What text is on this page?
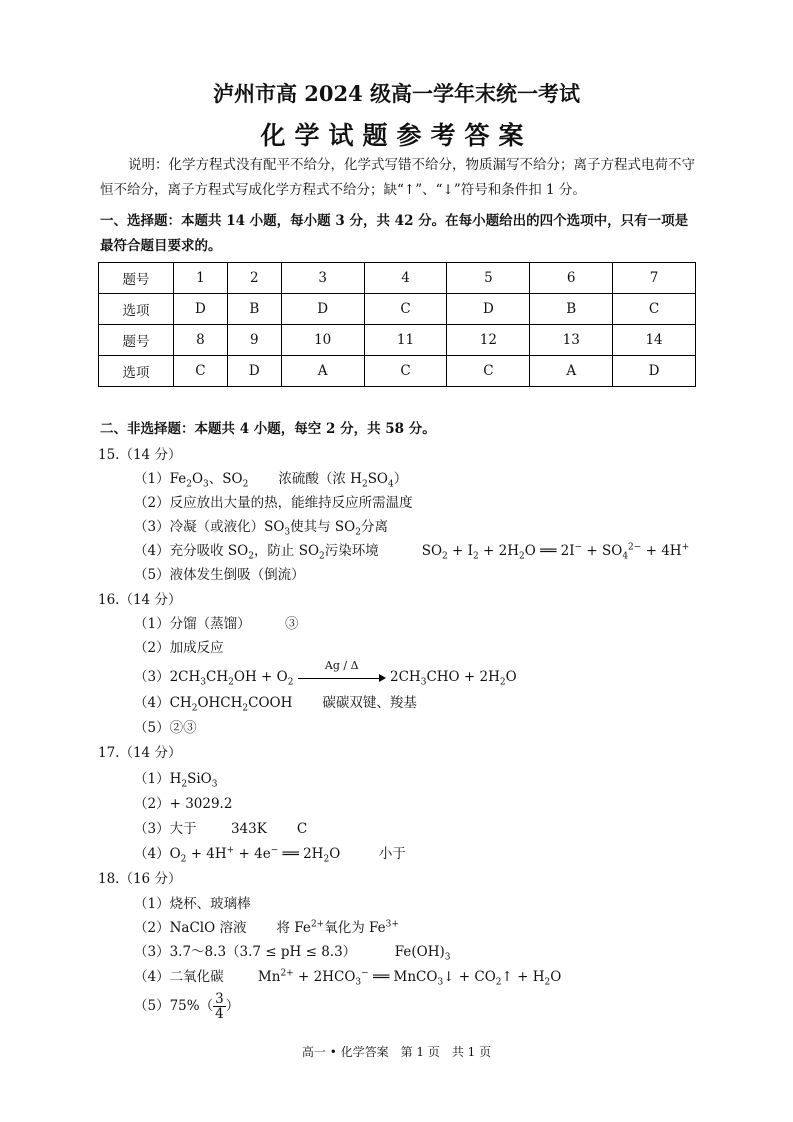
泸州市高 2024 级高一学年末统一考试
化学试题参考答案
说明：化学方程式没有配平不给分，化学式写错不给分，物质漏写不给分；离子方程式电荷不守恒不给分，离子方程式写成化学方程式不给分；缺“↑”、“↓”符号和条件扣 1 分。
一、选择题：本题共 14 小题，每小题 3 分，共 42 分。在每小题给出的四个选项中，只有一项是最符合题目要求的。
题号	1	2	3	4	5	6	7
选项	D	B	D	C	D	B	C
题号	8	9	10	11	12	13	14
选项	C	D	A	C	C	A	D
二、非选择题：本题共 4 小题，每空 2 分，共 58 分。
15.（14 分）
$(1)Fe_2O_3$、$SO_2$ 浓硫酸（浓 $H_2SO_4$）
（2）反应放出大量的热，能维持反应所需温度
（3）冷凝（或液化）$SO_3$使其与 $SO_2$分离
（4）充分吸收 $SO_2$，防止 $SO_2$污染环境          $SO_2 + I_2 + 2H_2O$ ══ $2I^- + SO_4^{2-} + 4H^+$
（5）液体发生倒吸（倒流）
16.（14 分）
（1）分馏（蒸馏）	③
（2）加成反应
$(3)2CH_3CH_2OH + O_2$
Ag / Δ
$2CH_3CHO + 2H_2O$
$(4)CH_2OHCH_2COOH$       碳碳双键、羧基
（5）②③
17.（14 分）
$(1)H_2SiO_3$
（2）+ 3029.2
（3）大于	343K C
$(4)O_2 + 4H^+ + 4e^-$ ══ $2H_2O$         小于
18.（16 分）
（1）烧杯、玻璃棒
（2）NaClO 溶液 将 $Fe^{2+}$氧化为 $Fe^{3+}$
（3）3.7～8.3（3.7 ≤ pH ≤ 8.3）         $Fe(OH)_3$
（4）二氧化碳        $Mn^{2+} + 2HCO_3^-$ ══ MnCO$_3$↓ + $CO_2↑ + H_2O$
$(5)75\%( \frac{3}{4}$ ）
高一 • 化学答案　第 1 页　共 1 页
